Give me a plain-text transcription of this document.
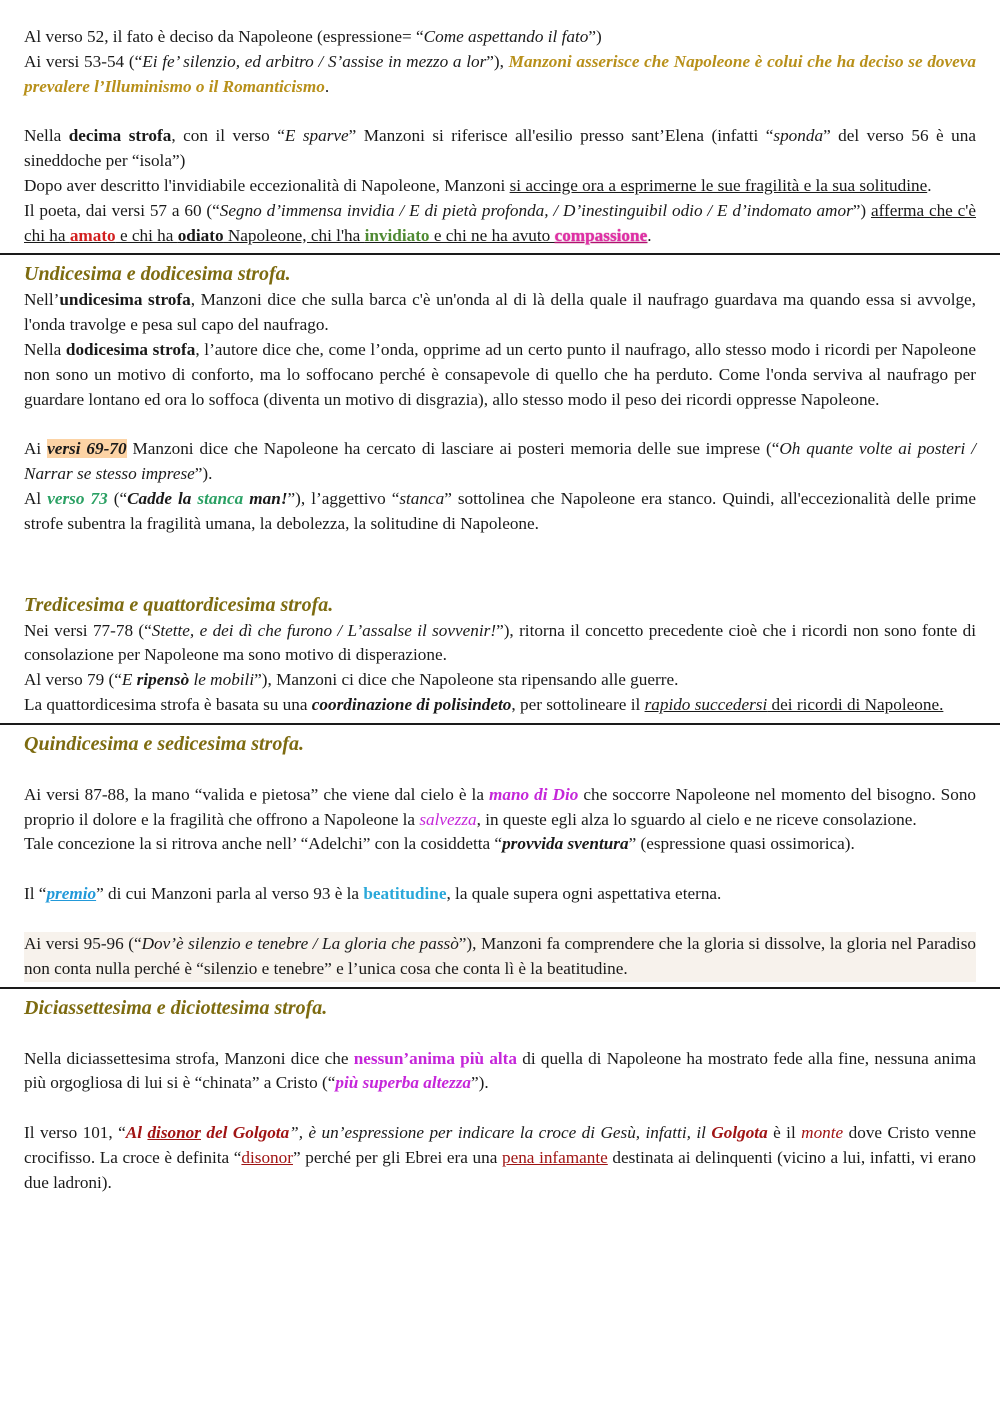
Al verso 52, il fato è deciso da Napoleone (espressione= “Come aspettando il fato”)

Ai versi 53-54 (“Ei fe’ silenzio, ed arbitro / S’assise in mezzo a lor”), Manzoni asserisce che Napoleone è colui che ha deciso se doveva prevalere l’Illuminismo o il Romanticismo.

Nella decima strofa, con il verso “E sparve” Manzoni si riferisce all'esilio presso sant’Elena (infatti “sponda” del verso 56 è una sineddoche per “isola”)

Dopo aver descritto l'invidiabile eccezionalità di Napoleone, Manzoni si accinge ora a esprimerne le sue fragilità e la sua solitudine.

Il poeta, dai versi 57 a 60 (“Segno d’immensa invidia / E di pietà profonda, / D’inestinguibil odio / E d’indomato amor”) afferma che c'è chi ha amato e chi ha odiato Napoleone, chi l'ha invidiato e chi ne ha avuto compassione.

Undicesima e dodicesima strofa.

Nell’undicesima strofa, Manzoni dice che sulla barca c'è un'onda al di là della quale il naufrago guardava ma quando essa si avvolge, l'onda travolge e pesa sul capo del naufrago.

Nella dodicesima strofa, l’autore dice che, come l’onda, opprime ad un certo punto il naufrago, allo stesso modo i ricordi per Napoleone non sono un motivo di conforto, ma lo soffocano perché è consapevole di quello che ha perduto. Come l'onda serviva al naufrago per guardare lontano ed ora lo soffoca (diventa un motivo di disgrazia), allo stesso modo il peso dei ricordi oppresse Napoleone.

Ai versi 69-70 Manzoni dice che Napoleone ha cercato di lasciare ai posteri memoria delle sue imprese (“Oh quante volte ai posteri / Narrar se stesso imprese”).

Al verso 73 (“Cadde la stanca man!”), l’aggettivo “stanca” sottolinea che Napoleone era stanco. Quindi, all'eccezionalità delle prime strofe subentra la fragilità umana, la debolezza, la solitudine di Napoleone.

Tredicesima e quattordicesima strofa.

Nei versi 77-78 (“Stette, e dei dì che furono / L’assalse il sovvenir!”), ritorna il concetto precedente cioè che i ricordi non sono fonte di consolazione per Napoleone ma sono motivo di disperazione.

Al verso 79 (“E ripensò le mobili”), Manzoni ci dice che Napoleone sta ripensando alle guerre.

La quattordicesima strofa è basata su una coordinazione di polisindeto, per sottolineare il rapido succedersi dei ricordi di Napoleone.

Quindicesima e sedicesima strofa.

Ai versi 87-88, la mano “valida e pietosa” che viene dal cielo è la mano di Dio che soccorre Napoleone nel momento del bisogno. Sono proprio il dolore e la fragilità che offrono a Napoleone la salvezza, in queste egli alza lo sguardo al cielo e ne riceve consolazione.

Tale concezione la si ritrova anche nell’ “Adelchi” con la cosiddetta “provvida sventura” (espressione quasi ossimorica).

Il “premio” di cui Manzoni parla al verso 93 è la beatitudine, la quale supera ogni aspettativa eterna.

Ai versi 95-96 (“Dov’è silenzio e tenebre / La gloria che passò”), Manzoni fa comprendere che la gloria si dissolve, la gloria nel Paradiso non conta nulla perché è “silenzio e tenebre” e l’unica cosa che conta lì è la beatitudine.

Diciassettesima e diciottesima strofa.

Nella diciassettesima strofa, Manzoni dice che nessun’anima più alta di quella di Napoleone ha mostrato fede alla fine, nessuna anima più orgogliosa di lui si è “chinata” a Cristo (“più superba altezza”).

Il verso 101, “Al disonor del Golgota”, è un’espressione per indicare la croce di Gesù, infatti, il Golgota è il monte dove Cristo venne crocifisso. La croce è definita “disonor” perché per gli Ebrei era una pena infamante destinata ai delinquenti (vicino a lui, infatti, vi erano due ladroni).
